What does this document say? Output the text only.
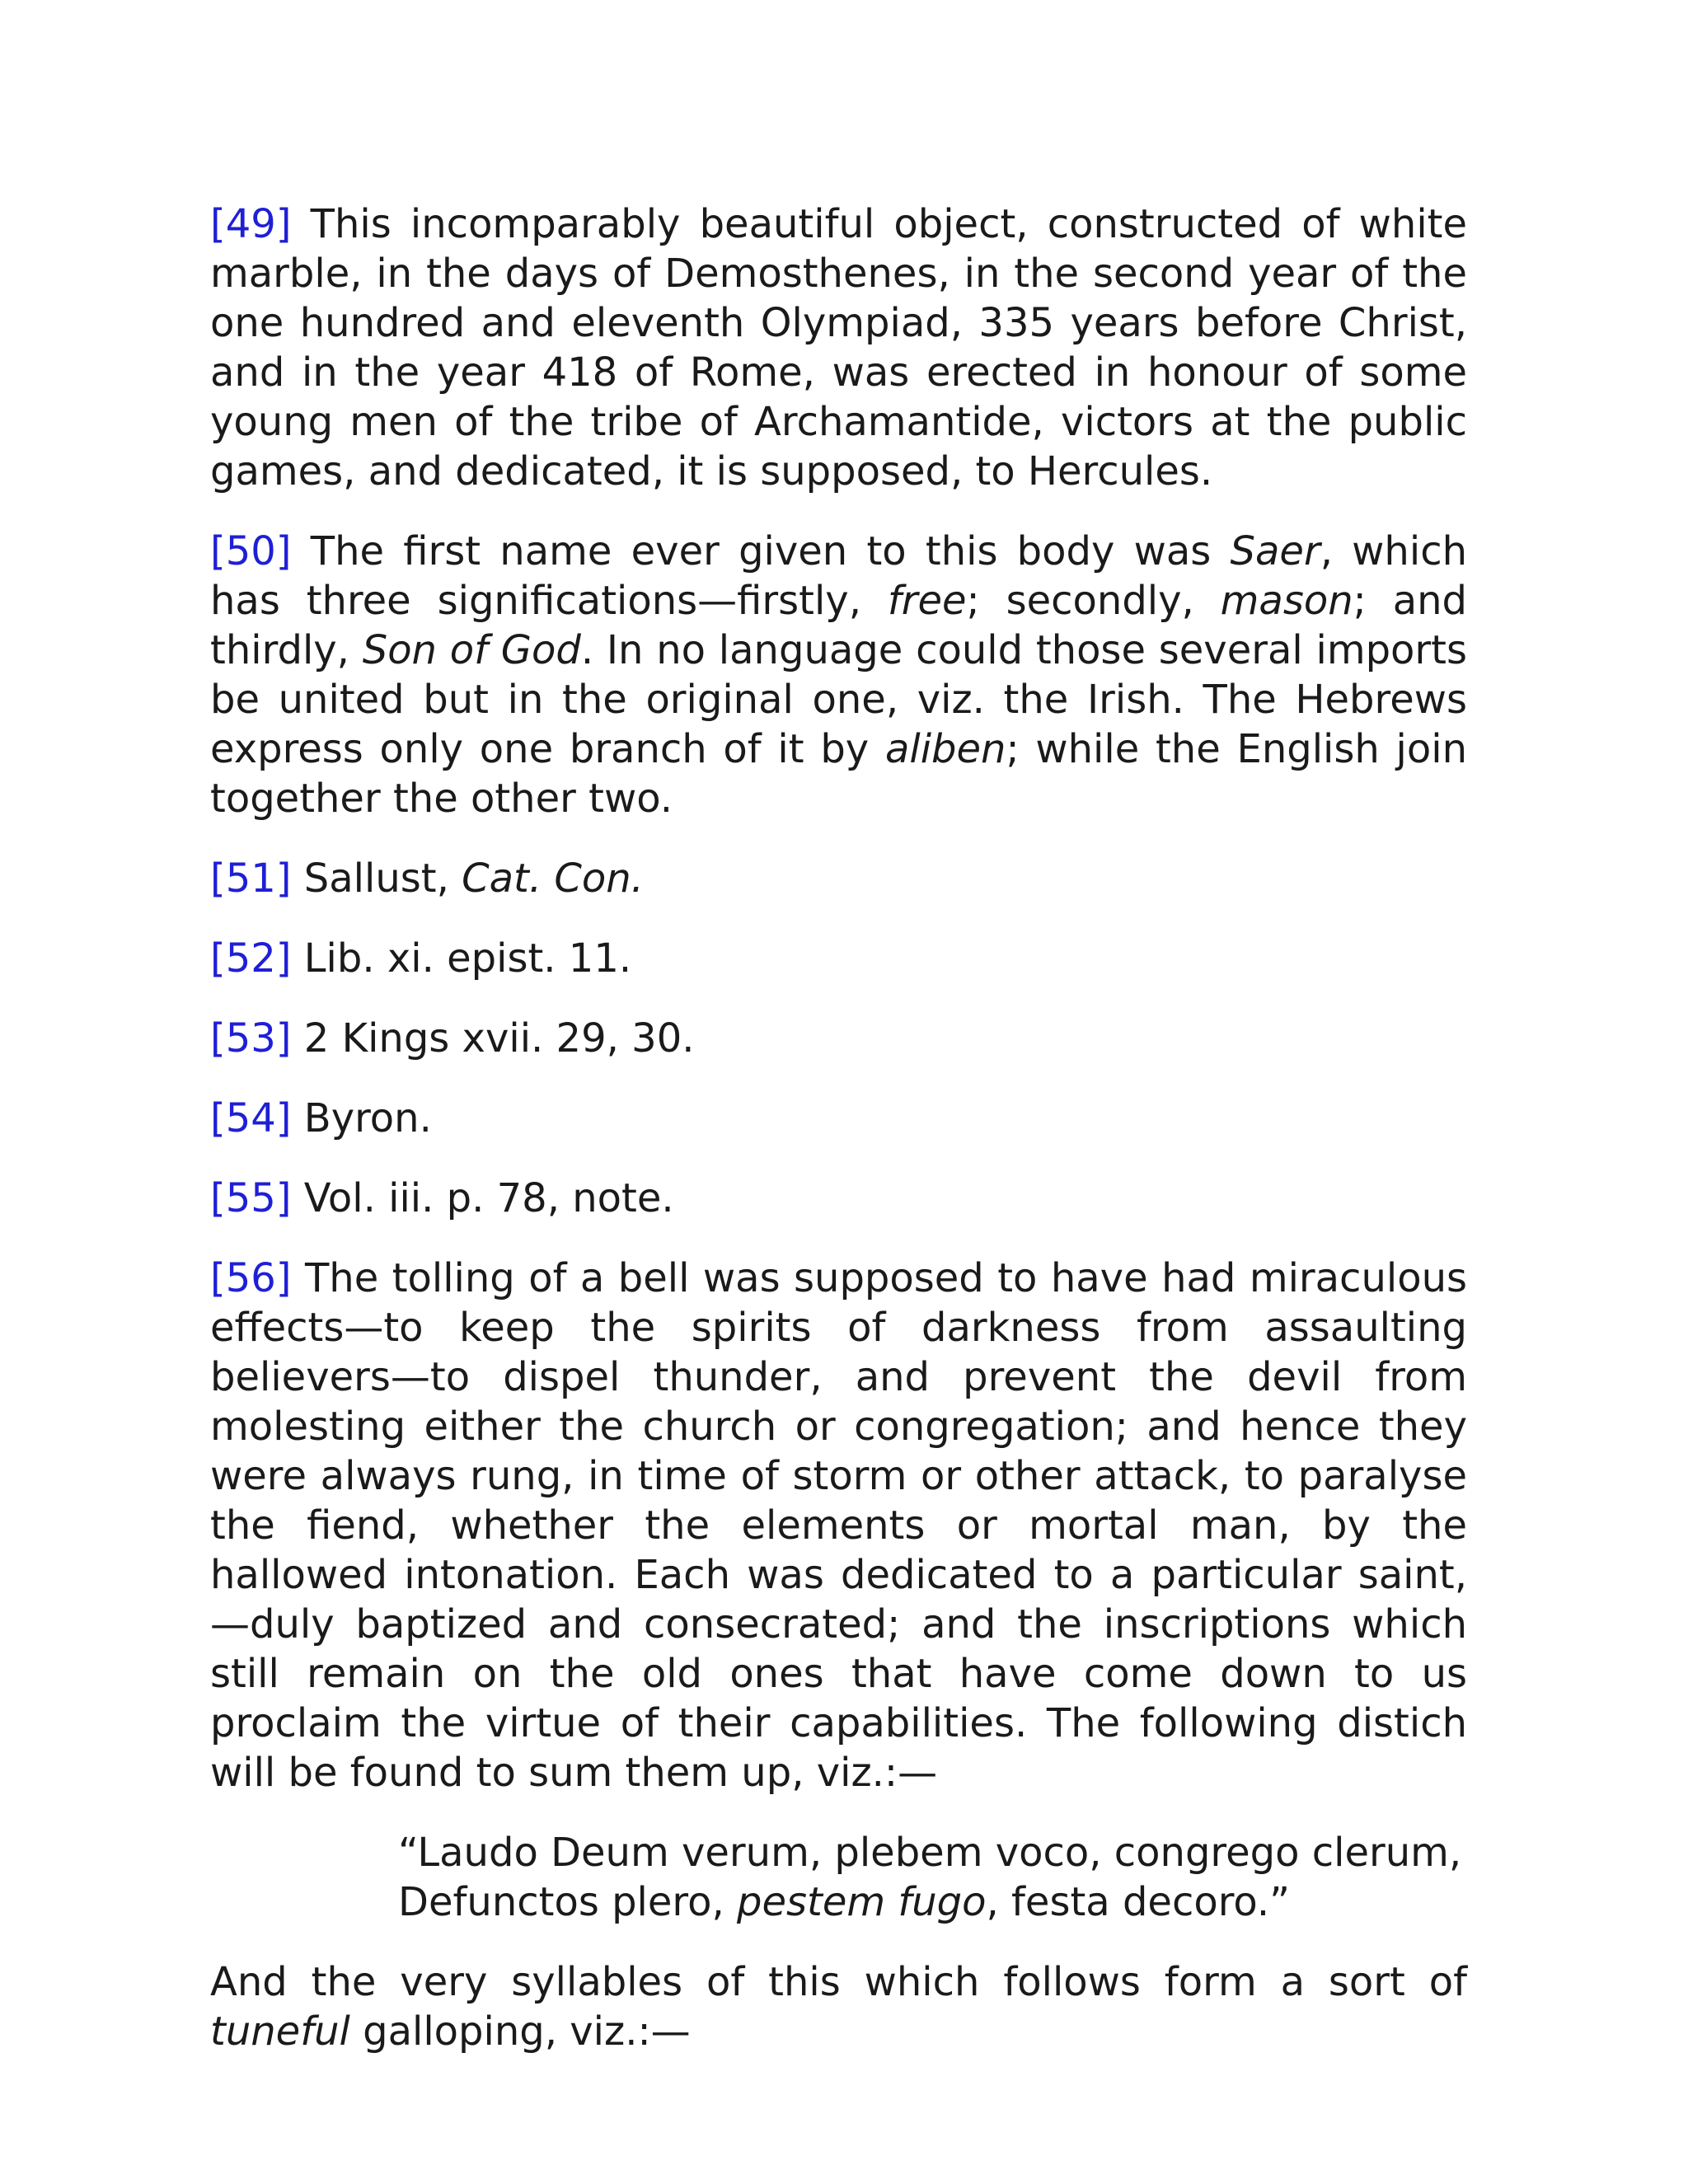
[49] This incomparably beautiful object, constructed of white marble, in the days of Demosthenes, in the second year of the one hundred and eleventh Olympiad, 335 years before Christ, and in the year 418 of Rome, was erected in honour of some young men of the tribe of Archamantide, victors at the public games, and dedicated, it is supposed, to Hercules.

[50] The first name ever given to this body was Saer, which has three significations—firstly, free; secondly, mason; and thirdly, Son of God. In no language could those several imports be united but in the original one, viz. the Irish. The Hebrews express only one branch of it by aliben; while the English join together the other two.

[51] Sallust, Cat. Con.

[52] Lib. xi. epist. 11.

[53] 2 Kings xvii. 29, 30.

[54] Byron.

[55] Vol. iii. p. 78, note.

[56] The tolling of a bell was supposed to have had miraculous effects—to keep the spirits of darkness from assaulting believers—to dispel thunder, and prevent the devil from molesting either the church or congregation; and hence they were always rung, in time of storm or other attack, to paralyse the fiend, whether the elements or mortal man, by the hallowed intonation. Each was dedicated to a particular saint,—duly baptized and consecrated; and the inscriptions which still remain on the old ones that have come down to us proclaim the virtue of their capabilities. The following distich will be found to sum them up, viz.:—

“Laudo Deum verum, plebem voco, congrego clerum,
Defunctos plero, pestem fugo, festa decoro.”

And the very syllables of this which follows form a sort of tuneful galloping, viz.:—
